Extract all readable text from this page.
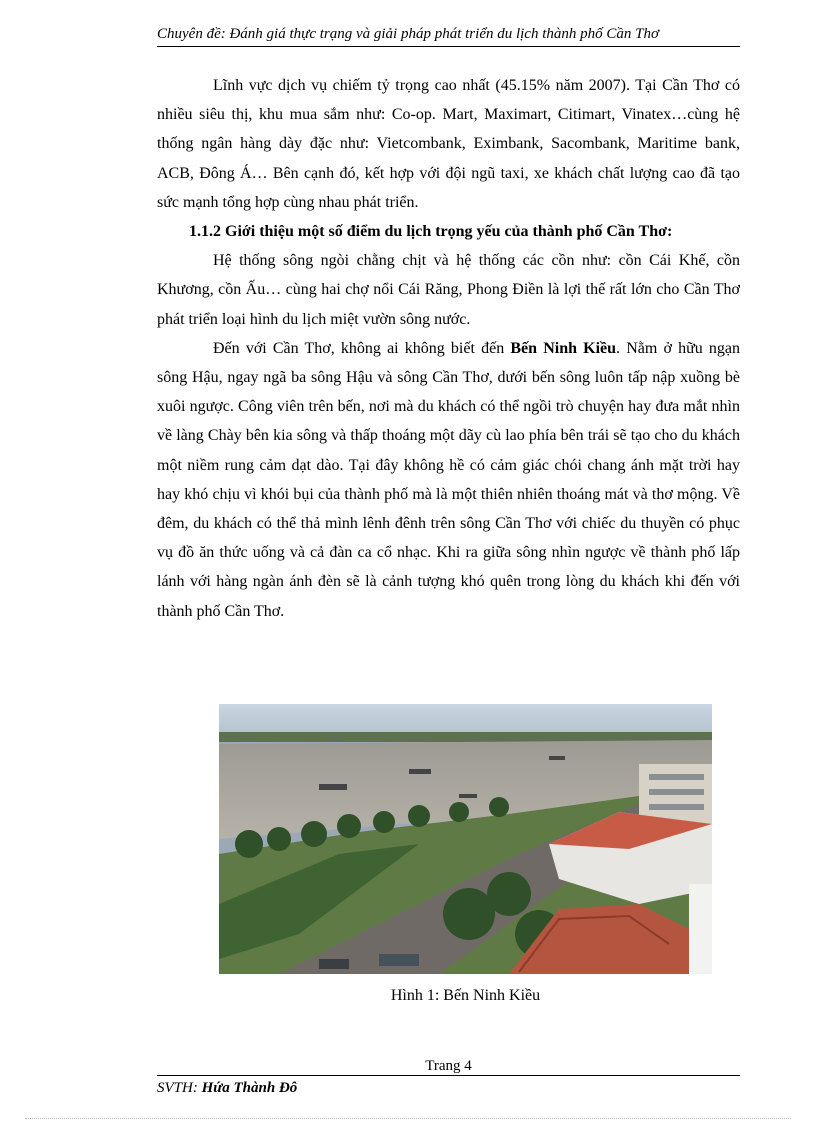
Chuyên đề: Đánh giá thực trạng và giải pháp phát triển du lịch thành phố Cần Thơ

Lĩnh vực dịch vụ chiếm tỷ trọng cao nhất (45.15% năm 2007). Tại Cần Thơ có nhiều siêu thị, khu mua sắm như: Co-op. Mart, Maximart, Citimart, Vinatex…cùng hệ thống ngân hàng dày đặc như: Vietcombank, Eximbank, Sacombank, Maritime bank, ACB, Đông Á… Bên cạnh đó, kết hợp với đội ngũ taxi, xe khách chất lượng cao đã tạo sức mạnh tổng hợp cùng nhau phát triển.

1.1.2 Giới thiệu một số điểm du lịch trọng yếu của thành phố Cần Thơ:

Hệ thống sông ngòi chằng chịt và hệ thống các cồn như: cồn Cái Khế, cồn Khương, cồn Ấu… cùng hai chợ nổi Cái Răng, Phong Điền là lợi thế rất lớn cho Cần Thơ phát triển loại hình du lịch miệt vườn sông nước.

Đến với Cần Thơ, không ai không biết đến Bến Ninh Kiều. Nằm ở hữu ngạn sông Hậu, ngay ngã ba sông Hậu và sông Cần Thơ, dưới bến sông luôn tấp nập xuồng bè xuôi ngược. Công viên trên bến, nơi mà du khách có thể ngồi trò chuyện hay đưa mắt nhìn về làng Chày bên kia sông và thấp thoáng một dãy cù lao phía bên trái sẽ tạo cho du khách một niềm rung cảm dạt dào. Tại đây không hề có cảm giác chói chang ánh mặt trời hay hay khó chịu vì khói bụi của thành phố mà là một thiên nhiên thoáng mát và thơ mộng. Về đêm, du khách có thể thả mình lênh đênh trên sông Cần Thơ với chiếc du thuyền có phục vụ đồ ăn thức uống và cả đàn ca cổ nhạc. Khi ra giữa sông nhìn ngược về thành phố lấp lánh với hàng ngàn ánh đèn sẽ là cảnh tượng khó quên trong lòng du khách khi đến với thành phố Cần Thơ.

Hình 1: Bến Ninh Kiều
Trang 4
SVTH: Hứa Thành Đô
